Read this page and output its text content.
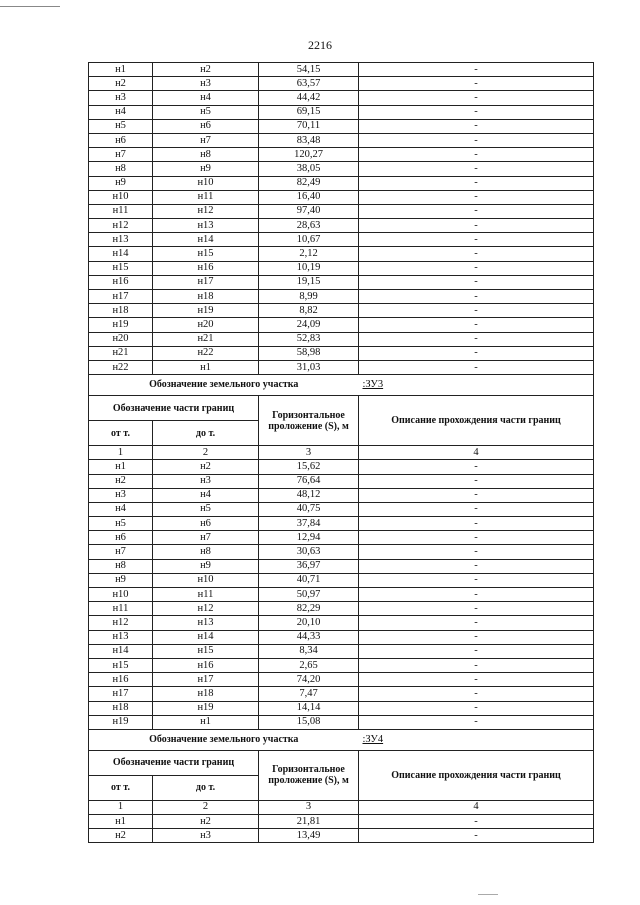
2216
н1	н2	54,15	-
н2	н3	63,57	-
н3	н4	44,42	-
н4	н5	69,15	-
н5	н6	70,11	-
н6	н7	83,48	-
н7	н8	120,27	-
н8	н9	38,05	-
н9	н10	82,49	-
н10	н11	16,40	-
н11	н12	97,40	-
н12	н13	28,63	-
н13	н14	10,67	-
н14	н15	2,12	-
н15	н16	10,19	-
н16	н17	19,15	-
н17	н18	8,99	-
н18	н19	8,82	-
н19	н20	24,09	-
н20	н21	52,83	-
н21	н22	58,98	-
н22	н1	31,03	-
Обозначение земельного участка			:ЗУ3
Обозначение части границ		Горизонтальное проложение (S), м	Описание прохождения части границ
от т.	до т.		
1	2	3	4
н1	н2	15,62	-
н2	н3	76,64	-
н3	н4	48,12	-
н4	н5	40,75	-
н5	н6	37,84	-
н6	н7	12,94	-
н7	н8	30,63	-
н8	н9	36,97	-
н9	н10	40,71	-
н10	н11	50,97	-
н11	н12	82,29	-
н12	н13	20,10	-
н13	н14	44,33	-
н14	н15	8,34	-
н15	н16	2,65	-
н16	н17	74,20	-
н17	н18	7,47	-
н18	н19	14,14	-
н19	н1	15,08	-
Обозначение земельного участка			:ЗУ4
Обозначение части границ		Горизонтальное проложение (S), м	Описание прохождения части границ
от т.	до т.		
1	2	3	4
н1	н2	21,81	-
н2	н3	13,49	-
